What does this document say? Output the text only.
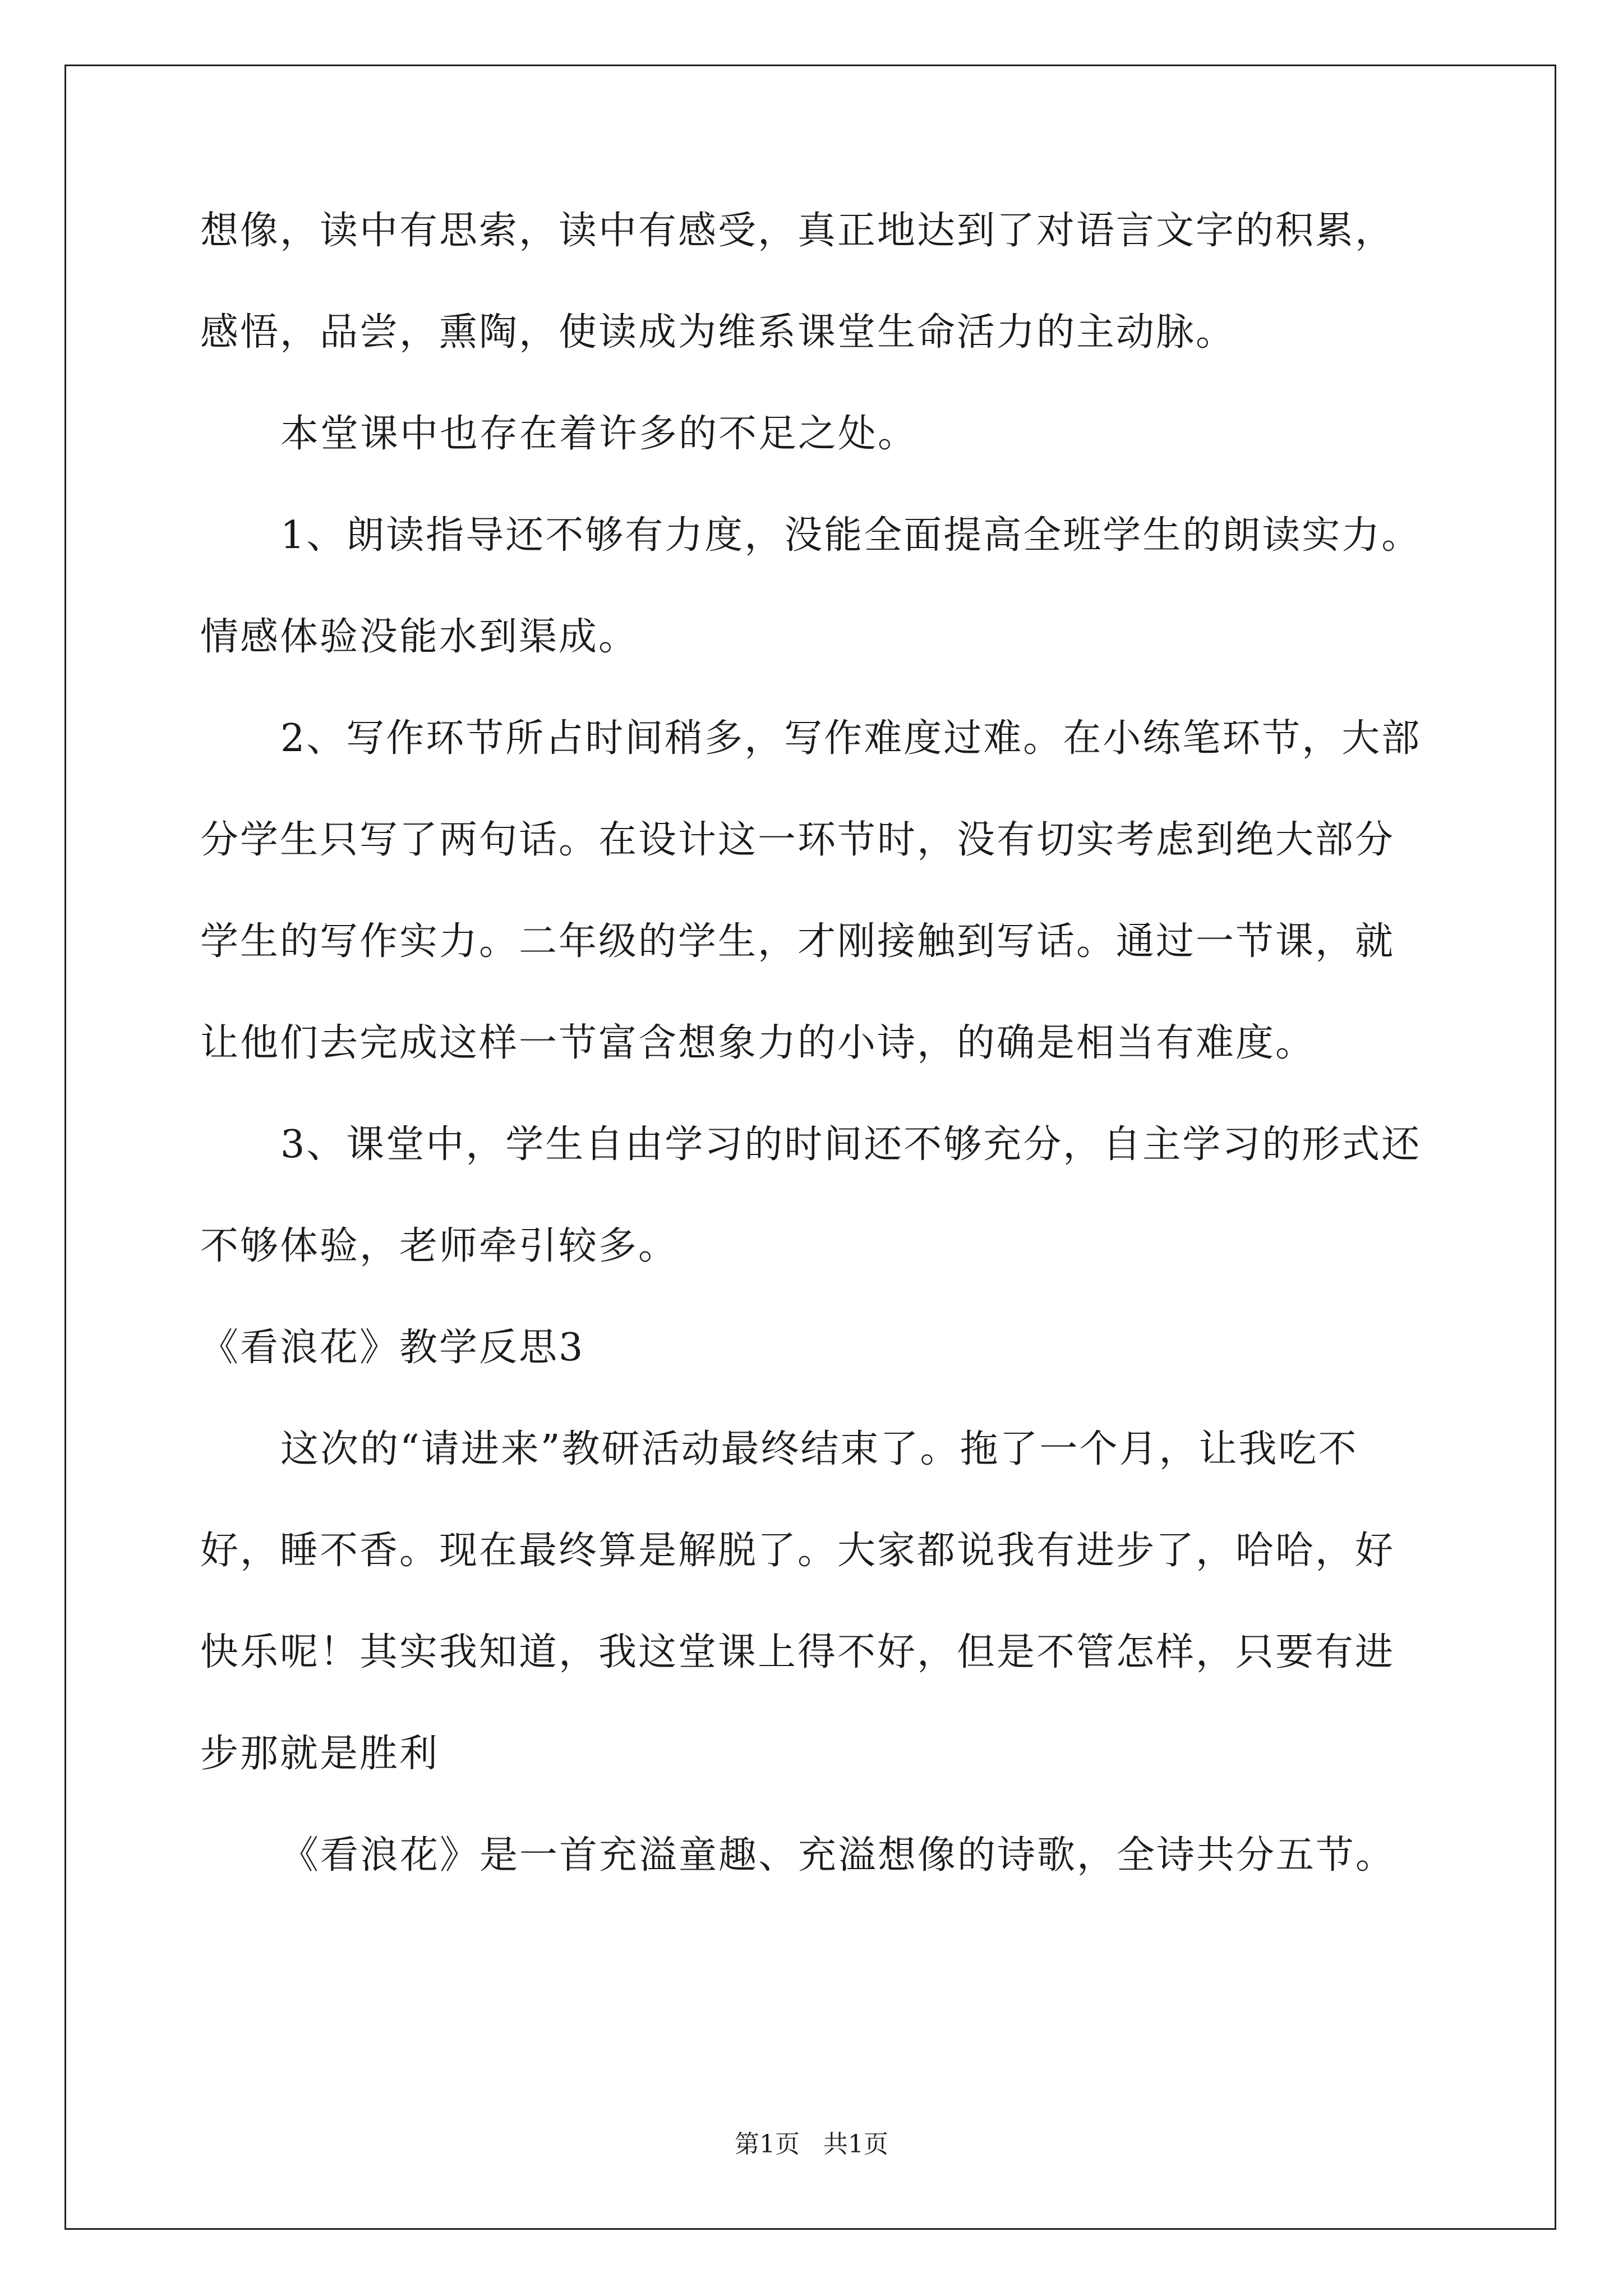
想像，读中有思索，读中有感受，真正地达到了对语言文字的积累，
感悟，品尝，熏陶，使读成为维系课堂生命活力的主动脉。
本堂课中也存在着许多的不足之处。
1、朗读指导还不够有力度，没能全面提高全班学生的朗读实力。
情感体验没能水到渠成。
2、写作环节所占时间稍多，写作难度过难。在小练笔环节，大部
分学生只写了两句话。在设计这一环节时，没有切实考虑到绝大部分
学生的写作实力。二年级的学生，才刚接触到写话。通过一节课，就
让他们去完成这样一节富含想象力的小诗，的确是相当有难度。
3、课堂中，学生自由学习的时间还不够充分，自主学习的形式还
不够体验，老师牵引较多。
《看浪花》教学反思3
这次的“请进来”教研活动最终结束了。拖了一个月，让我吃不
好，睡不香。现在最终算是解脱了。大家都说我有进步了，哈哈，好
快乐呢！其实我知道，我这堂课上得不好，但是不管怎样，只要有进
步那就是胜利
《看浪花》是一首充溢童趣、充溢想像的诗歌，全诗共分五节。
第1页   共1页
